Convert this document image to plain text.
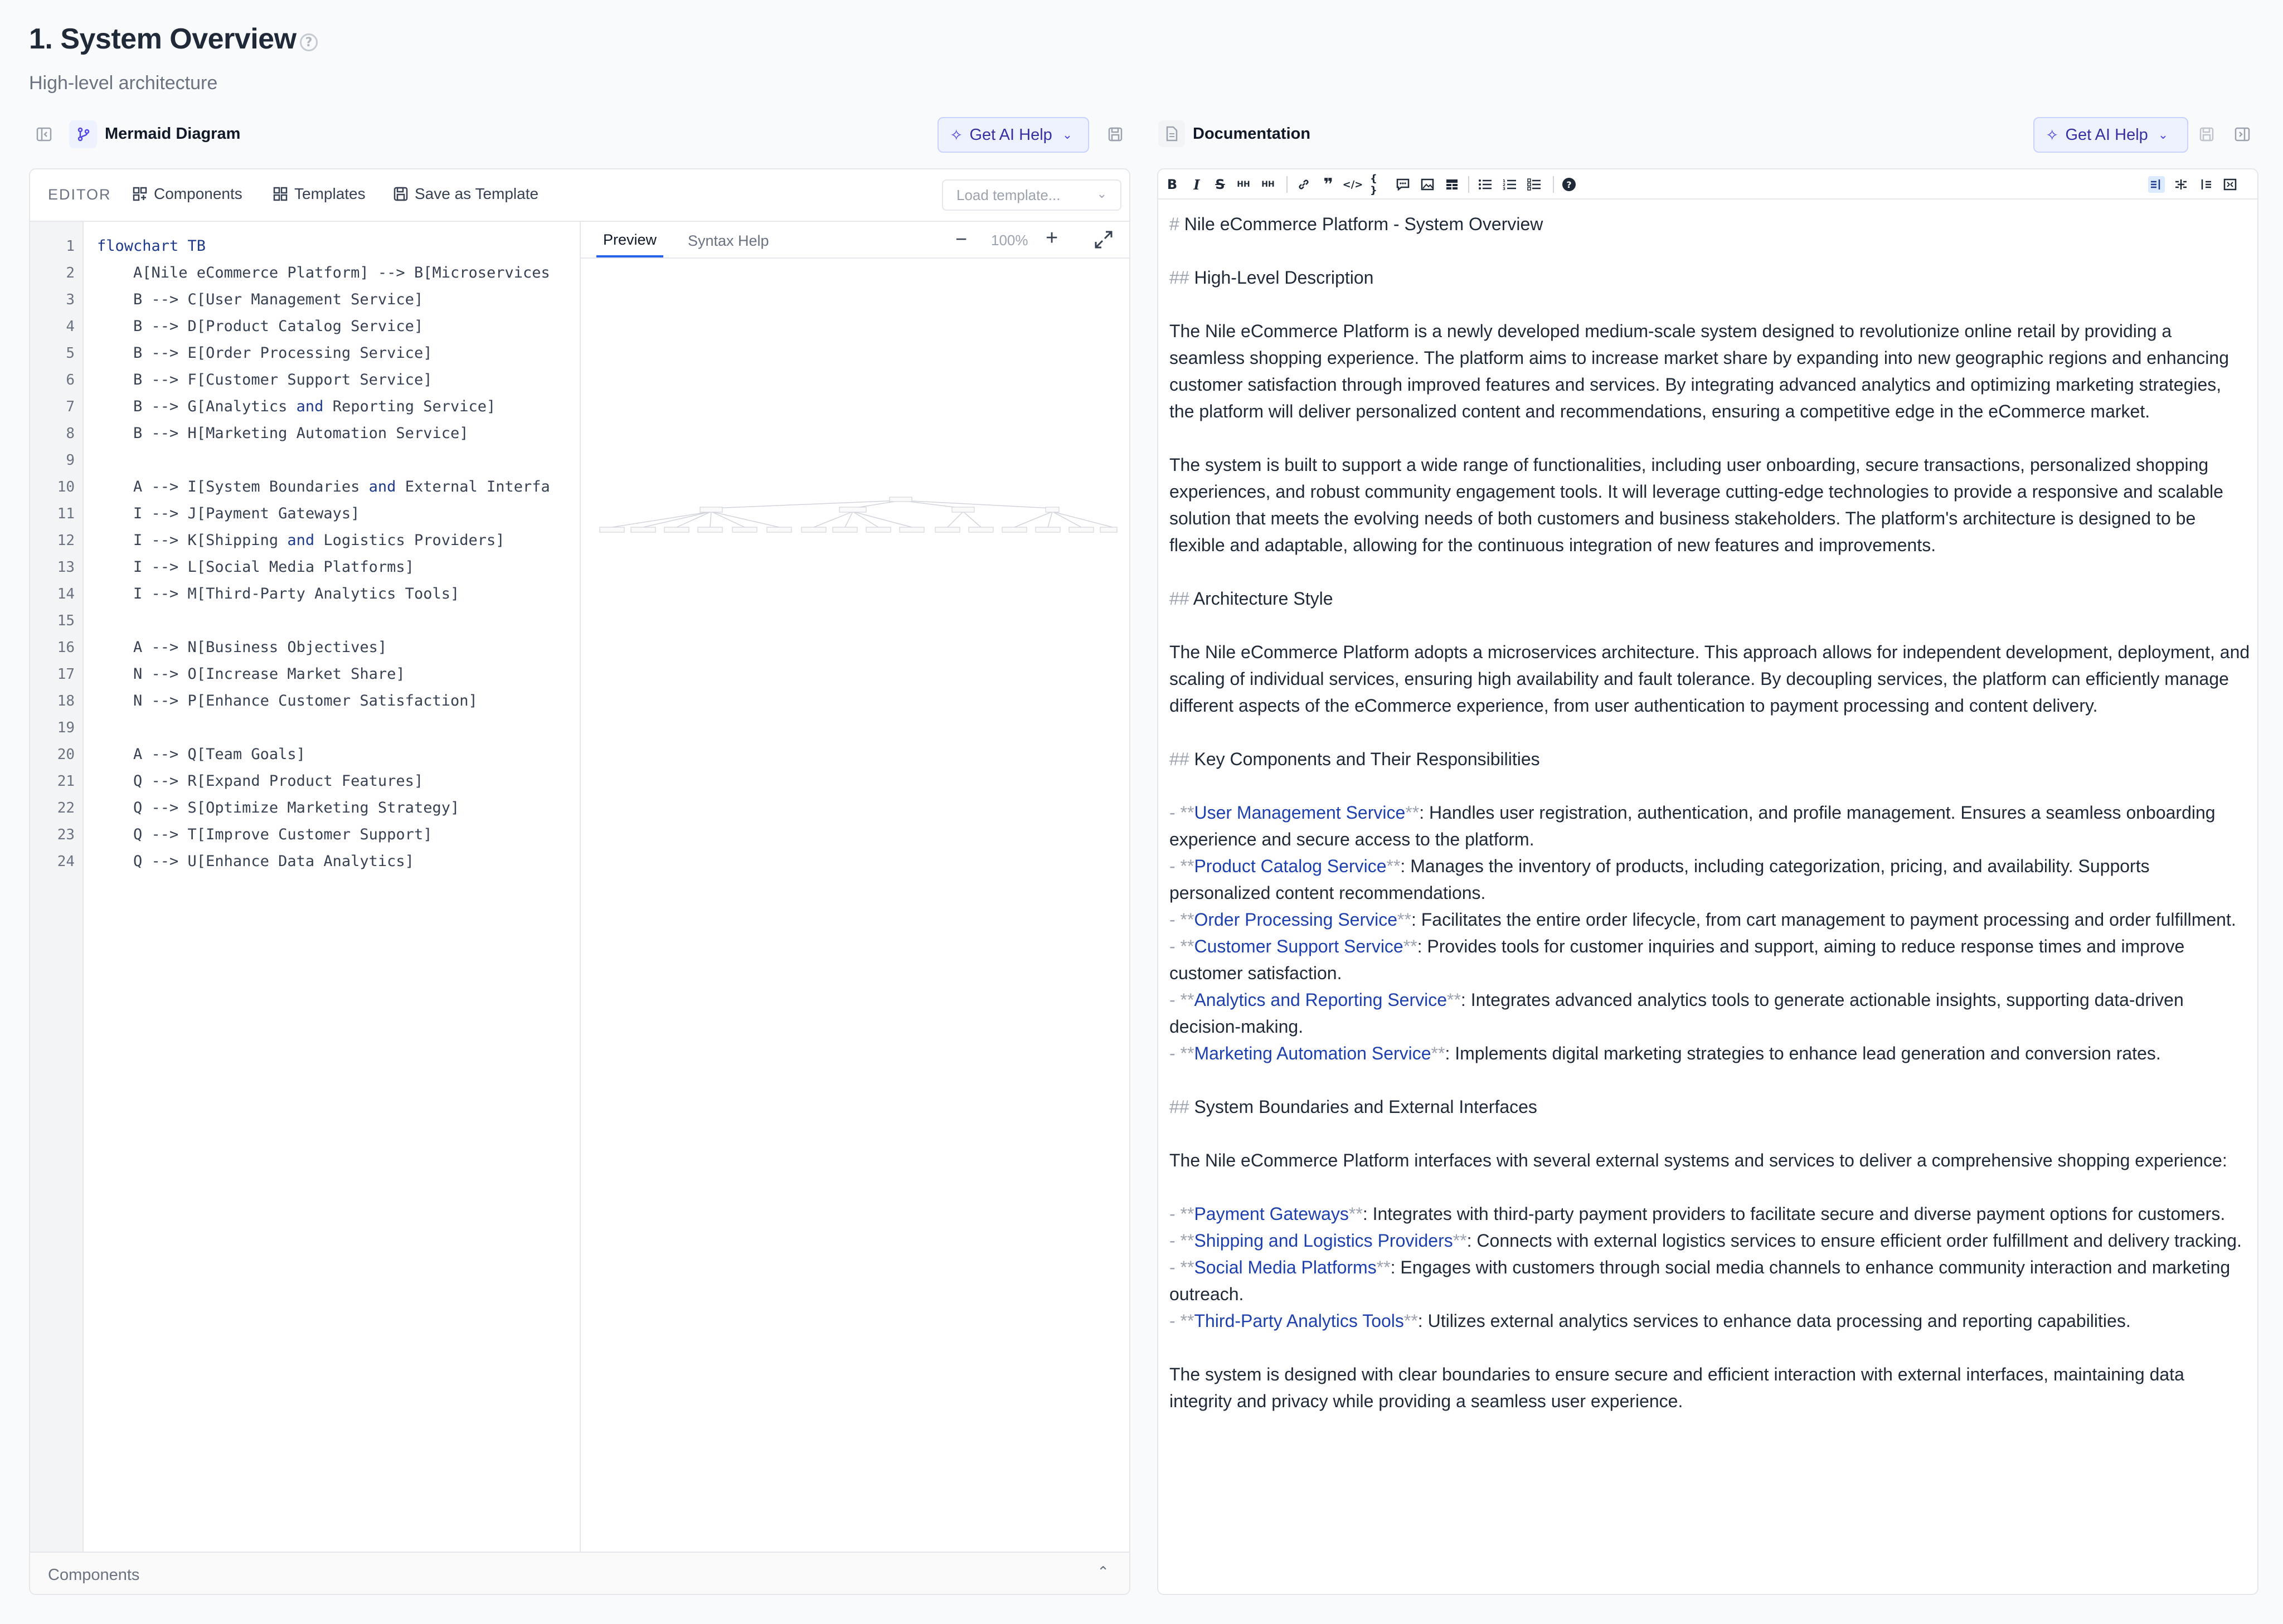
1. System Overview ?
High-level architecture
Mermaid Diagram	✧ Get AI Help ⌄	Documentation	✧ Get AI Help ⌄
EDITOR	Components	Templates	Save as Template	Load template...	⌄
1
2
3
4
5
6
7
8
9
10
11
12
13
14
15
16
17
18
19
20
21
22
23
24
flowchart TB
A[Nile eCommerce Platform] --> B[Microservices
B --> C[User Management Service]
B --> D[Product Catalog Service]
B --> E[Order Processing Service]
B --> F[Customer Support Service]
B --> G[Analytics and Reporting Service]
B --> H[Marketing Automation Service]
A --> I[System Boundaries and External Interfa
I --> J[Payment Gateways]
I --> K[Shipping and Logistics Providers]
I --> L[Social Media Platforms]
I --> M[Third-Party Analytics Tools]
A --> N[Business Objectives]
N --> O[Increase Market Share]
N --> P[Enhance Customer Satisfaction]
A --> Q[Team Goals]
Q --> R[Expand Product Features]
Q --> S[Optimize Marketing Strategy]
Q --> T[Improve Customer Support]
Q --> U[Enhance Data Analytics]
Preview	Syntax Help	− 100% +
Components	⌃
B	I	S	HH HH	❞ </> { }
1
2
3	?
# Nile eCommerce Platform - System Overview
## High-Level Description
The Nile eCommerce Platform is a newly developed medium-scale system designed to revolutionize online retail by providing a seamless shopping experience. The platform aims to increase market share by expanding into new geographic regions and enhancing customer satisfaction through improved features and services. By integrating advanced analytics and optimizing marketing strategies, the platform will deliver personalized content and recommendations, ensuring a competitive edge in the eCommerce market.
The system is built to support a wide range of functionalities, including user onboarding, secure transactions, personalized shopping experiences, and robust community engagement tools. It will leverage cutting-edge technologies to provide a responsive and scalable solution that meets the evolving needs of both customers and business stakeholders. The platform's architecture is designed to be flexible and adaptable, allowing for the continuous integration of new features and improvements.
## Architecture Style
The Nile eCommerce Platform adopts a microservices architecture. This approach allows for independent development, deployment, and scaling of individual services, ensuring high availability and fault tolerance. By decoupling services, the platform can efficiently manage different aspects of the eCommerce experience, from user authentication to payment processing and content delivery.
## Key Components and Their Responsibilities
- **User Management Service**: Handles user registration, authentication, and profile management. Ensures a seamless onboarding experience and secure access to the platform.
- **Product Catalog Service**: Manages the inventory of products, including categorization, pricing, and availability. Supports personalized content recommendations.
- **Order Processing Service**: Facilitates the entire order lifecycle, from cart management to payment processing and order fulfillment.
- **Customer Support Service**: Provides tools for customer inquiries and support, aiming to reduce response times and improve customer satisfaction.
- **Analytics and Reporting Service**: Integrates advanced analytics tools to generate actionable insights, supporting data-driven decision-making.
- **Marketing Automation Service**: Implements digital marketing strategies to enhance lead generation and conversion rates.
## System Boundaries and External Interfaces
The Nile eCommerce Platform interfaces with several external systems and services to deliver a comprehensive shopping experience:
- **Payment Gateways**: Integrates with third-party payment providers to facilitate secure and diverse payment options for customers.
- **Shipping and Logistics Providers**: Connects with external logistics services to ensure efficient order fulfillment and delivery tracking.
- **Social Media Platforms**: Engages with customers through social media channels to enhance community interaction and marketing outreach.
- **Third-Party Analytics Tools**: Utilizes external analytics services to enhance data processing and reporting capabilities.
The system is designed with clear boundaries to ensure secure and efficient interaction with external interfaces, maintaining data integrity and privacy while providing a seamless user experience.
